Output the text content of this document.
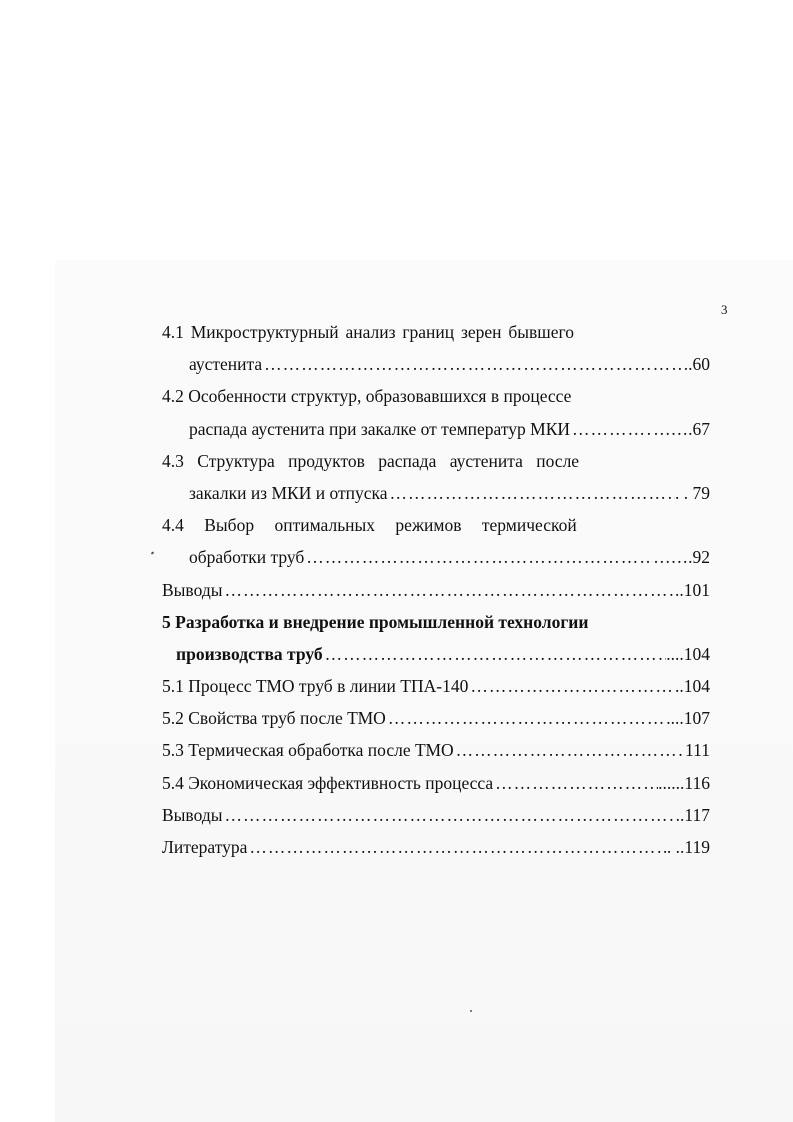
3
4.1 Микроструктурный анализ границ зерен бывшего
аустенита ……………………………………………………………………………………………………………………………………	..60
4.2 Особенности структур, образовавшихся в процессе
распада аустенита при закалке от температур МКИ ……………………………………………………………………………………………………………………………………	…….67
4.3 Структура продуктов распада аустенита после
закалки из МКИ и отпуска ……………………………………………………………………………………………………………………………………	. . 79
4.4 Выбор оптимальных режимов термической
обработки труб ……………………………………………………………………………………………………………………………………	…….92
Выводы ……………………………………………………………………………………………………………………………………	..101
5 Разработка и внедрение промышленной технологии
производства труб ……………………………………………………………………………………………………………………………………	....104
5.1 Процесс ТМО труб в линии ТПА-140 ……………………………………………………………………………………………………………………………………	..104
5.2 Свойства труб после ТМО ……………………………………………………………………………………………………………………………………	....107
5.3 Термическая обработка после ТМО ……………………………………………………………………………………………………………………………………	111
5.4 Экономическая эффективность процесса ……………………………………………………………………………………………………………………………………	......116
Выводы ……………………………………………………………………………………………………………………………………	..117
Литература ……………………………………………………………………………………………………………………………………	. ..119
